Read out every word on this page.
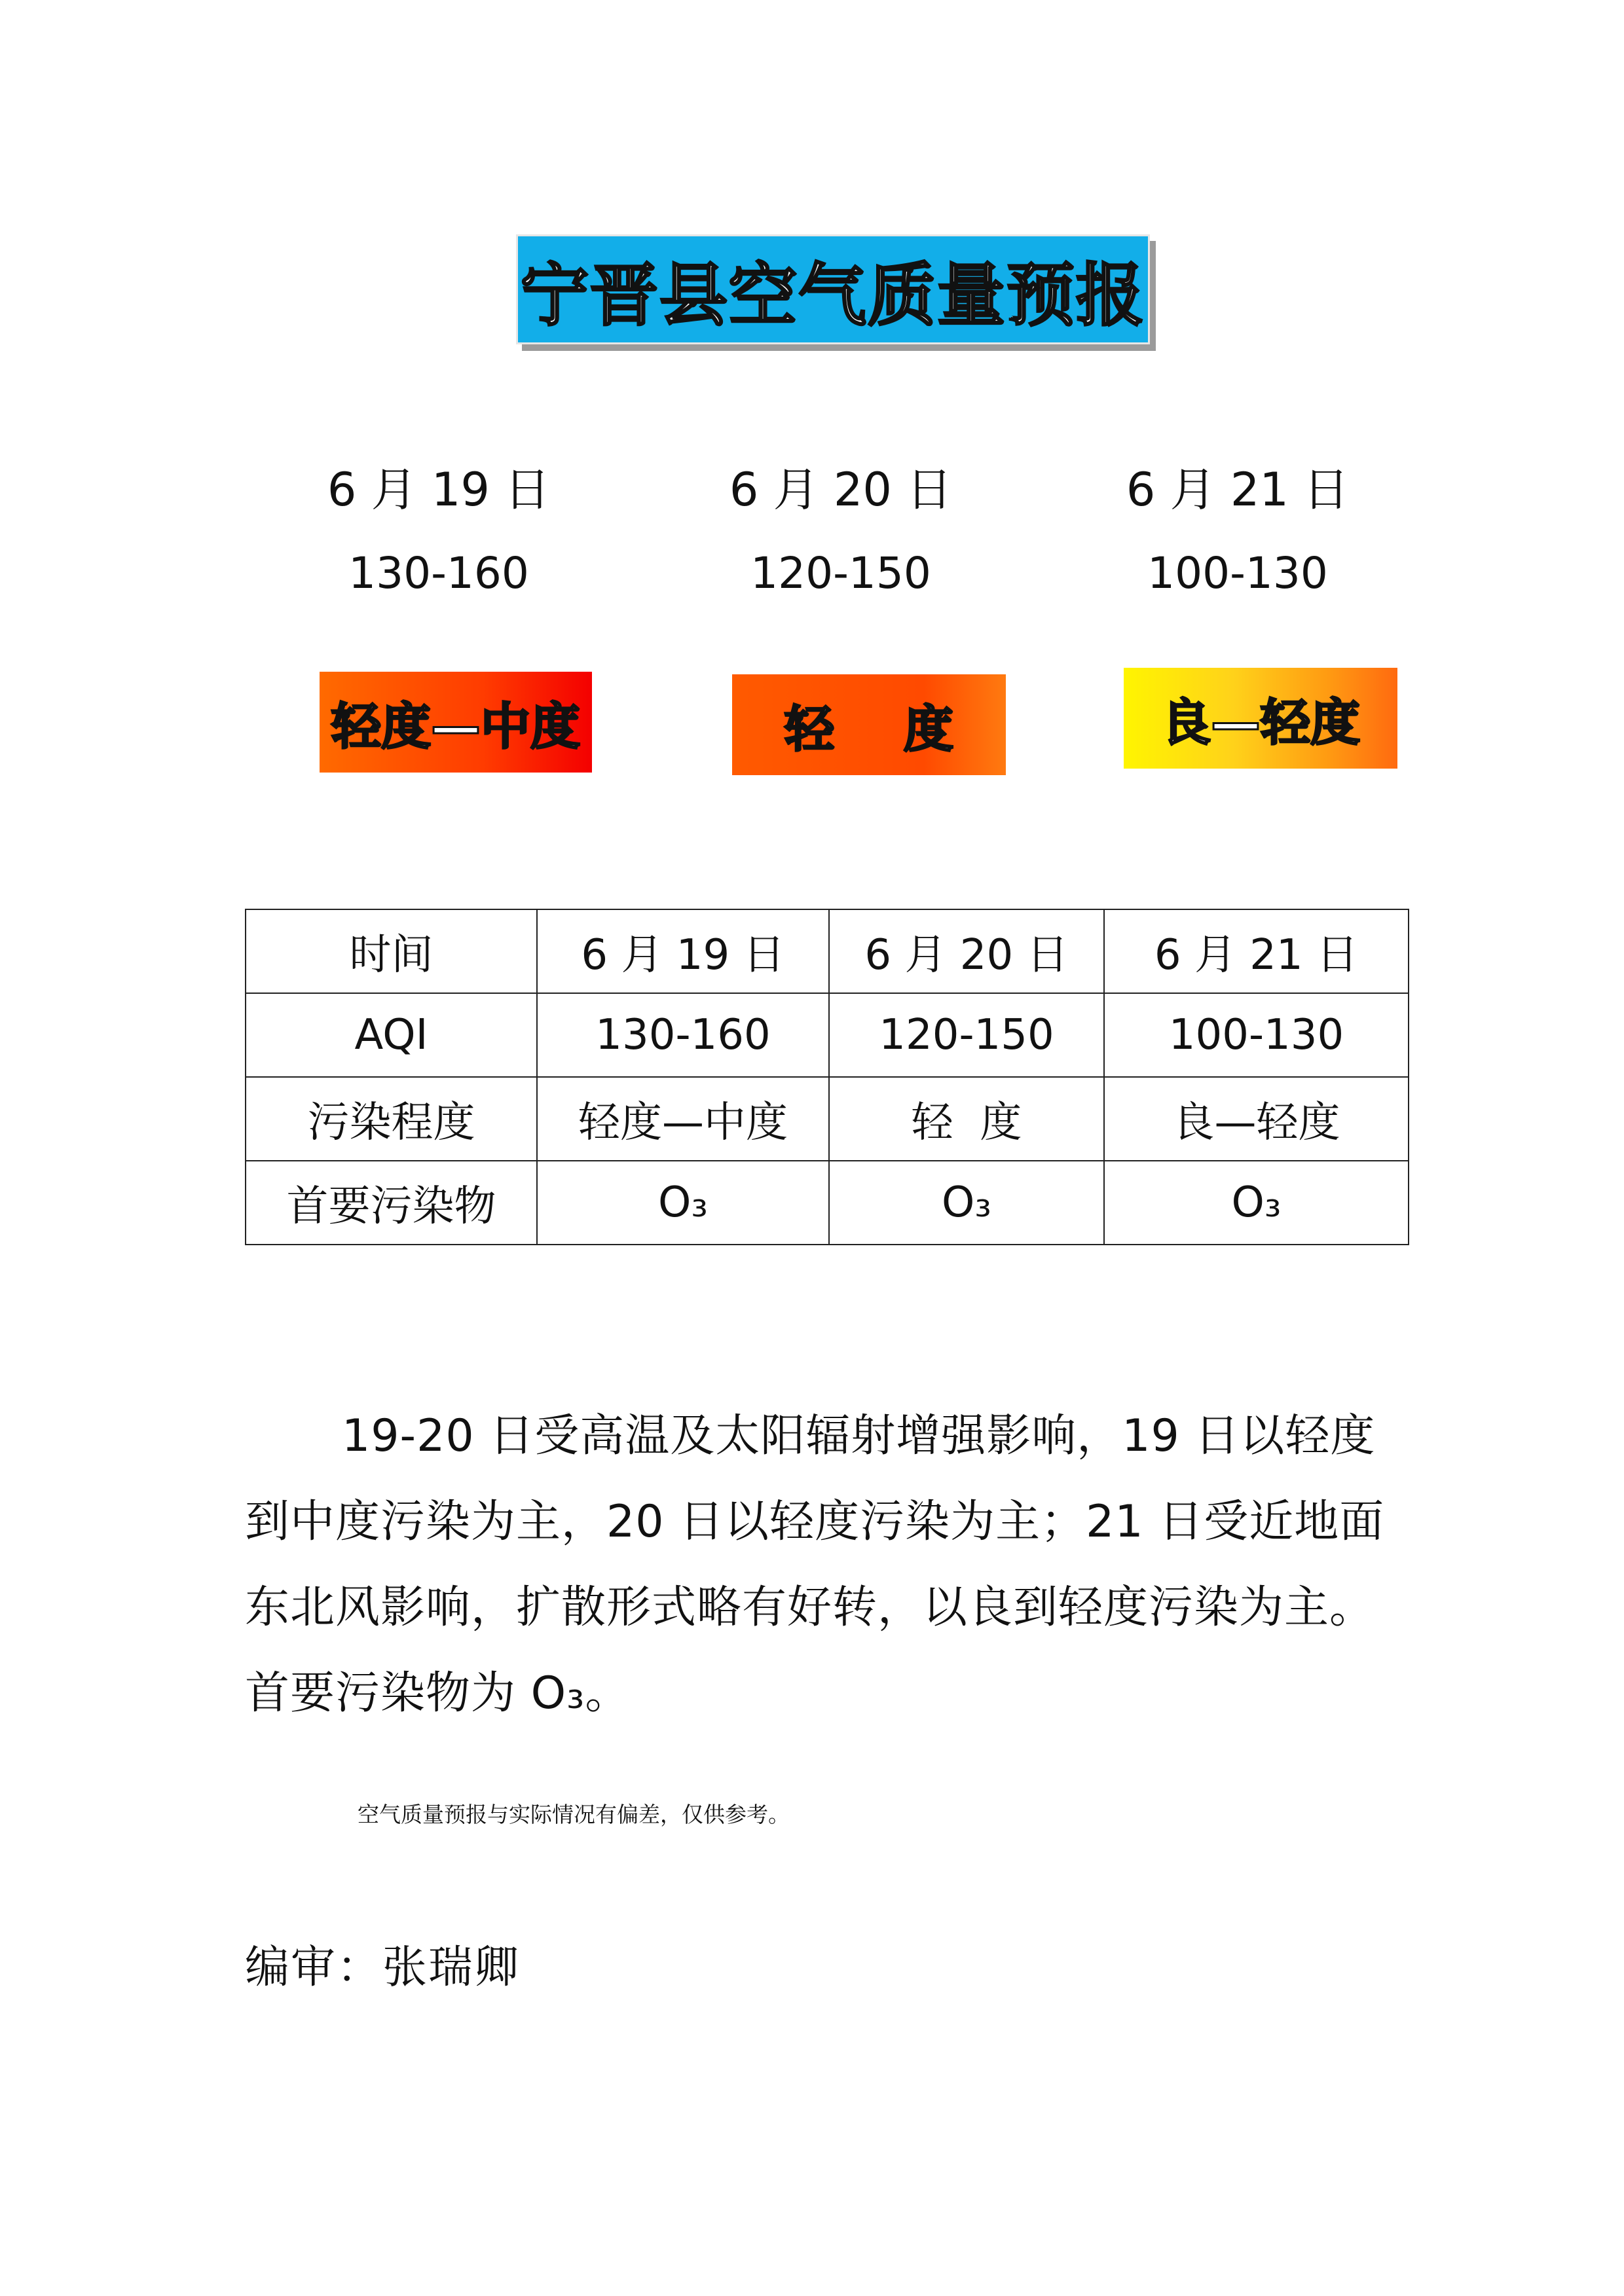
宁晋县空气质量预报
6 月 19 日
130-160
6 月 20 日
120-150
6 月 21 日
100-130
轻度—中度	轻    度	良—轻度
时间	6 月 19 日	6 月 20 日	6 月 21 日
AQI	130-160	120-150	100-130
污染程度	轻度—中度	轻  度	良—轻度
首要污染物	O₃	O₃	O₃

19-20 日受高温及太阳辐射增强影响，19 日以轻度到中度污染为主，20 日以轻度污染为主；21 日受近地面东北风影响，扩散形式略有好转，以良到轻度污染为主。首要污染物为 O₃。

空气质量预报与实际情况有偏差，仅供参考。
编审：张瑞卿
